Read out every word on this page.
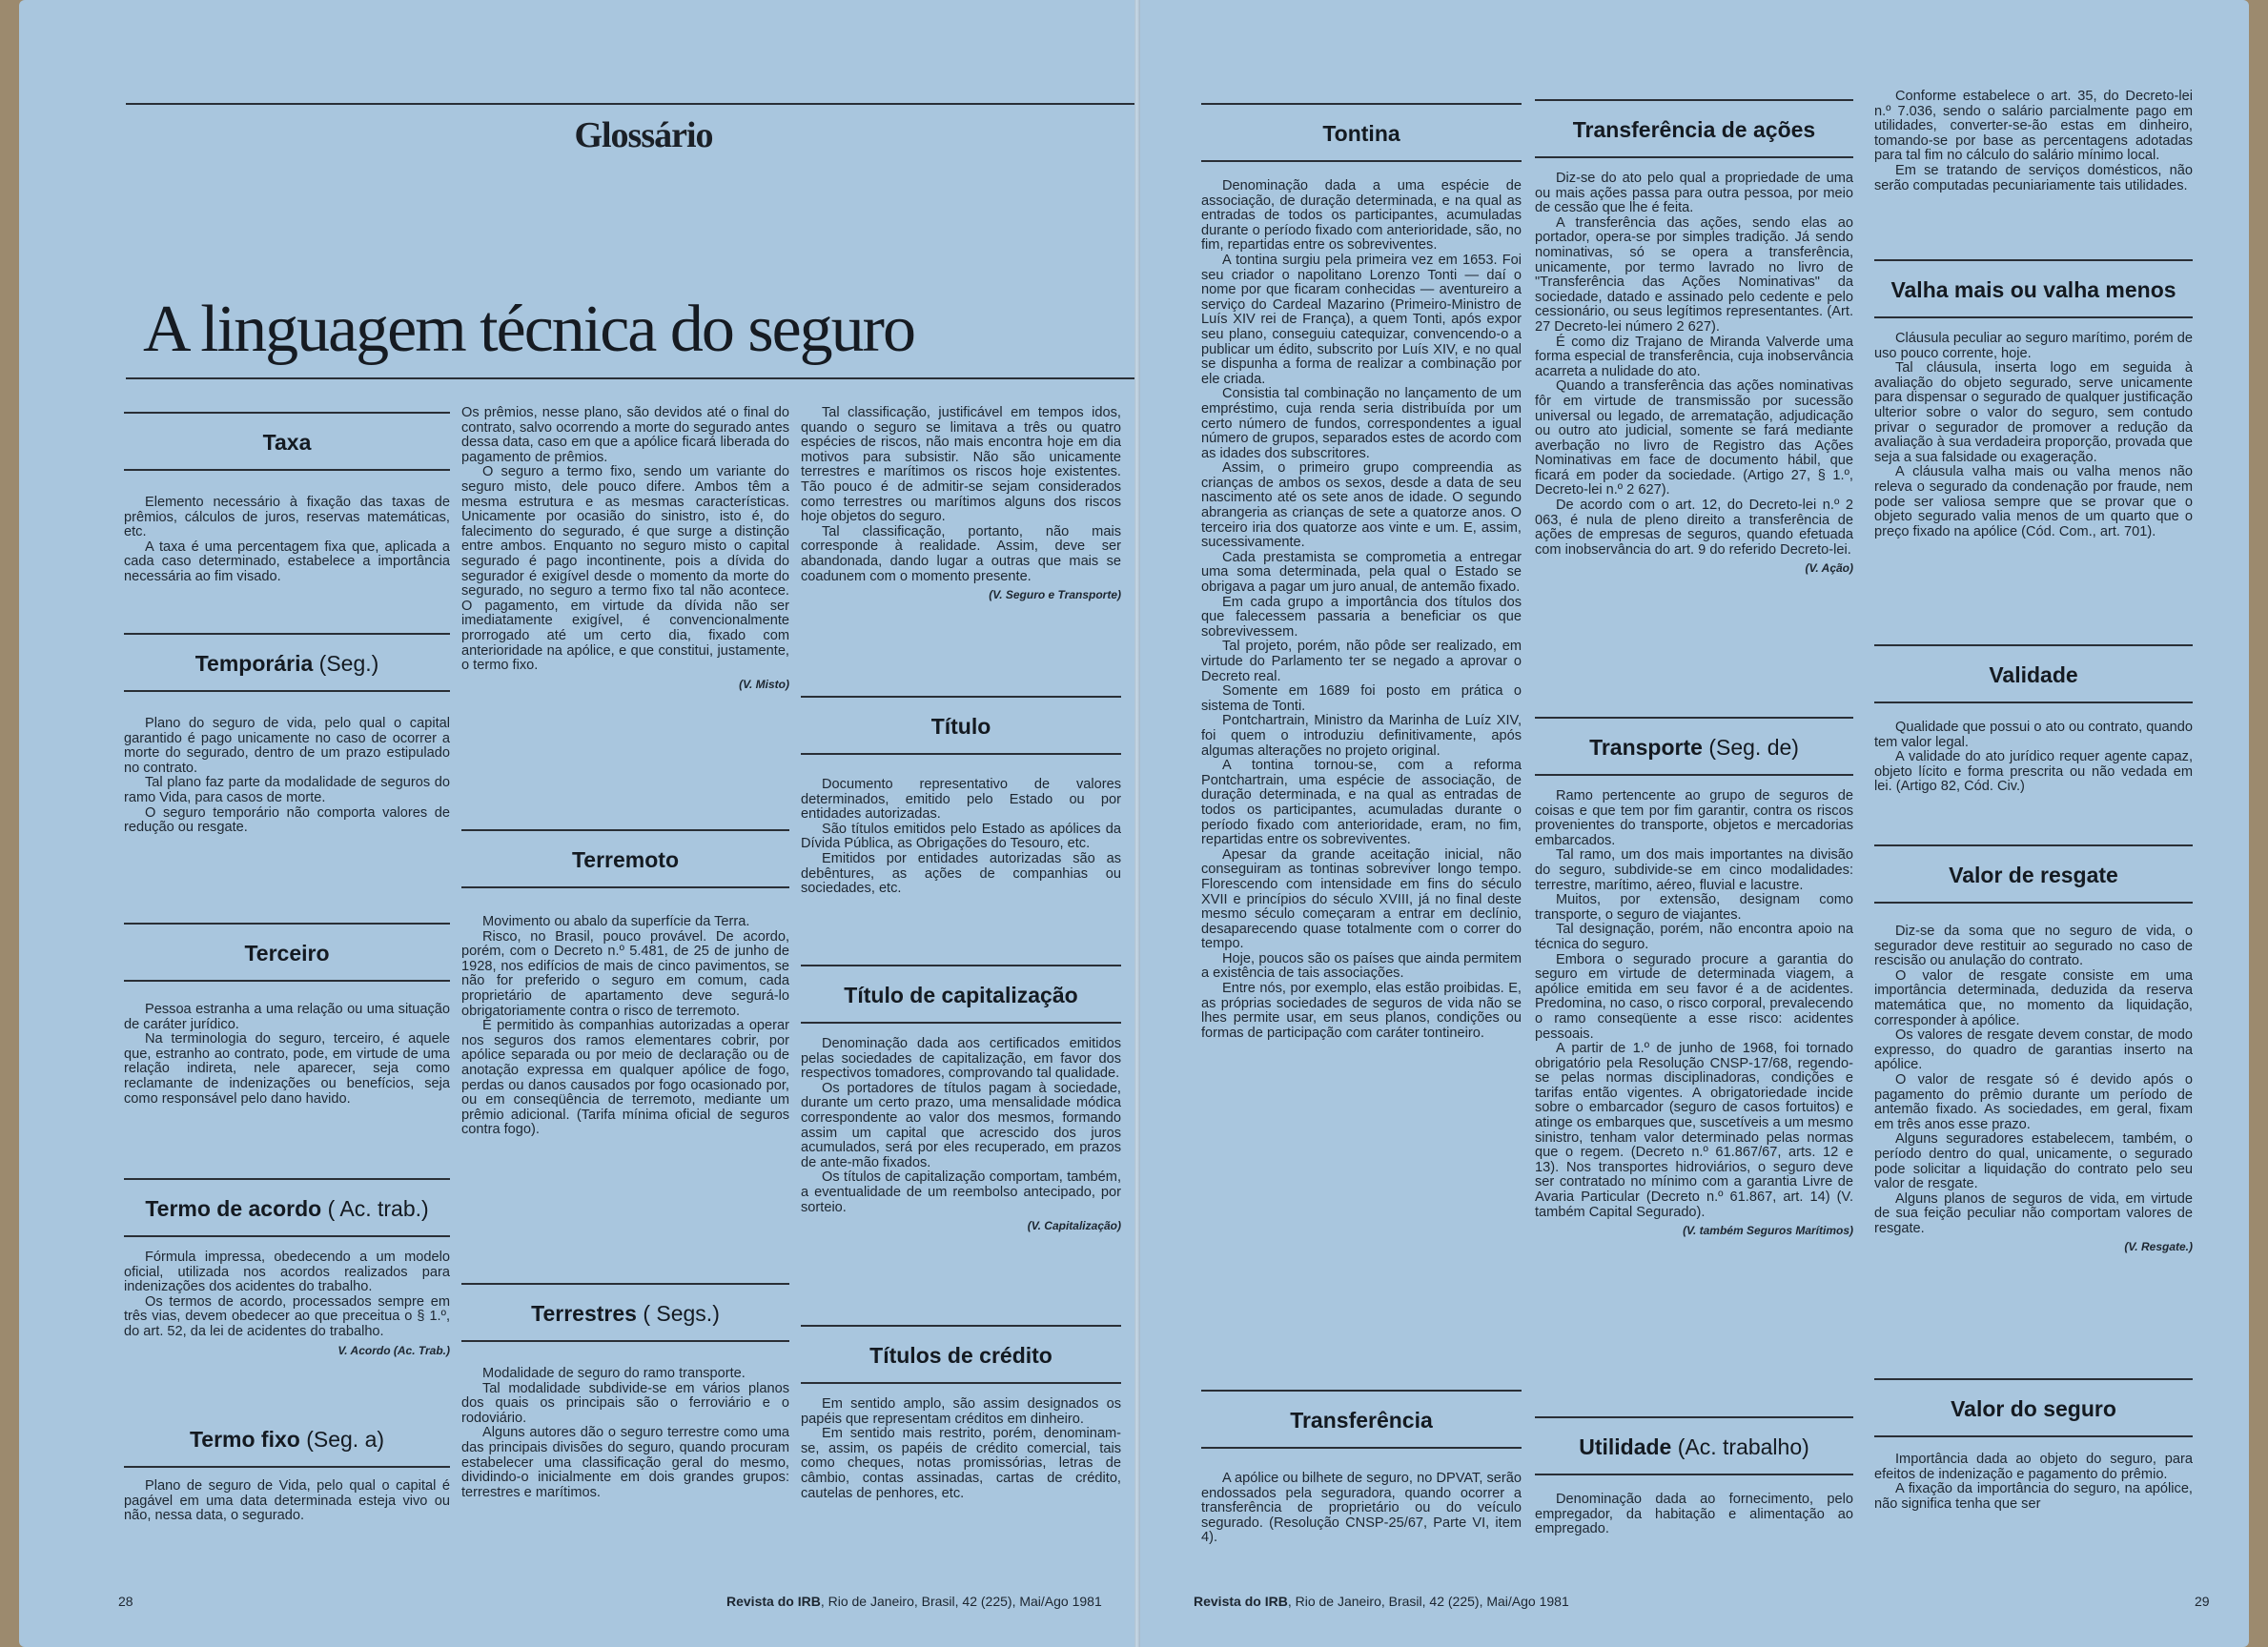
Glossário
A linguagem técnica do seguro
Taxa

Elemento necessário à fixação das taxas de prêmios, cálculos de juros, reservas matemáticas, etc.

A taxa é uma percentagem fixa que, aplicada a cada caso determinado, estabelece a importância necessária ao fim visado.

Temporária (Seg.)

Plano do seguro de vida, pelo qual o capital garantido é pago unicamente no caso de ocorrer a morte do segurado, dentro de um prazo estipulado no contrato.

Tal plano faz parte da modalidade de seguros do ramo Vida, para casos de morte.

O seguro temporário não comporta valores de redução ou resgate.

Terceiro

Pessoa estranha a uma relação ou uma situação de caráter jurídico.

Na terminologia do seguro, terceiro, é aquele que, estranho ao contrato, pode, em virtude de uma relação indireta, nele aparecer, seja como reclamante de indenizações ou benefícios, seja como responsável pelo dano havido.

Termo de acordo ( Ac. trab.)

Fórmula impressa, obedecendo a um modelo oficial, utilizada nos acordos realizados para indenizações dos acidentes do trabalho.

Os termos de acordo, processados sempre em três vias, devem obedecer ao que preceitua o § 1.º, do art. 52, da lei de acidentes do trabalho.

V. Acordo (Ac. Trab.)
Termo fixo (Seg. a)

Plano de seguro de Vida, pelo qual o capital é pagável em uma data determinada esteja vivo ou não, nessa data, o segurado.

Os prêmios, nesse plano, são devidos até o final do contrato, salvo ocorrendo a morte do segurado antes dessa data, caso em que a apólice ficará liberada do pagamento de prêmios.

O seguro a termo fixo, sendo um variante do seguro misto, dele pouco difere. Ambos têm a mesma estrutura e as mesmas características. Unicamente por ocasião do sinistro, isto é, do falecimento do segurado, é que surge a distinção entre ambos. Enquanto no seguro misto o capital segurado é pago incontinente, pois a dívida do segurador é exigível desde o momento da morte do segurado, no seguro a termo fixo tal não acontece. O pagamento, em virtude da dívida não ser imediatamente exigível, é convencionalmente prorrogado até um certo dia, fixado com anterioridade na apólice, e que constitui, justamente, o termo fixo.

(V. Misto)
Terremoto

Movimento ou abalo da superfície da Terra.

Risco, no Brasil, pouco provável. De acordo, porém, com o Decreto n.º 5.481, de 25 de junho de 1928, nos edifícios de mais de cinco pavimentos, se não for preferido o seguro em comum, cada proprietário de apartamento deve segurá-lo obrigatoriamente contra o risco de terremoto.

É permitido às companhias autorizadas a operar nos seguros dos ramos elementares cobrir, por apólice separada ou por meio de declaração ou de anotação expressa em qualquer apólice de fogo, perdas ou danos causados por fogo ocasionado por, ou em conseqüência de terremoto, mediante um prêmio adicional. (Tarifa mínima oficial de seguros contra fogo).

Terrestres ( Segs.)

Modalidade de seguro do ramo transporte.

Tal modalidade subdivide-se em vários planos dos quais os principais são o ferroviário e o rodoviário.

Alguns autores dão o seguro terrestre como uma das principais divisões do seguro, quando procuram estabelecer uma classificação geral do mesmo, dividindo-o inicialmente em dois grandes grupos: terrestres e marítimos.

Tal classificação, justificável em tempos idos, quando o seguro se limitava a três ou quatro espécies de riscos, não mais encontra hoje em dia motivos para subsistir. Não são unicamente terrestres e marítimos os riscos hoje existentes. Tão pouco é de admitir-se sejam considerados como terrestres ou marítimos alguns dos riscos hoje objetos do seguro.

Tal classificação, portanto, não mais corresponde à realidade. Assim, deve ser abandonada, dando lugar a outras que mais se coadunem com o momento presente.

(V. Seguro e Transporte)
Título

Documento representativo de valores determinados, emitido pelo Estado ou por entidades autorizadas.

São títulos emitidos pelo Estado as apólices da Dívida Pública, as Obrigações do Tesouro, etc.

Emitidos por entidades autorizadas são as debêntures, as ações de companhias ou sociedades, etc.

Título de capitalização

Denominação dada aos certificados emitidos pelas sociedades de capitalização, em favor dos respectivos tomadores, comprovando tal qualidade.

Os portadores de títulos pagam à sociedade, durante um certo prazo, uma mensalidade módica correspondente ao valor dos mesmos, formando assim um capital que acrescido dos juros acumulados, será por eles recuperado, em prazos de ante-mão fixados.

Os títulos de capitalização comportam, também, a eventualidade de um reembolso antecipado, por sorteio.

(V. Capitalização)
Títulos de crédito

Em sentido amplo, são assim designados os papéis que representam créditos em dinheiro.

Em sentido mais restrito, porém, denominam-se, assim, os papéis de crédito comercial, tais como cheques, notas promissórias, letras de câmbio, contas assinadas, cartas de crédito, cautelas de penhores, etc.

28	Revista do IRB, Rio de Janeiro, Brasil, 42 (225), Mai/Ago 1981
Tontina

Denominação dada a uma espécie de associação, de duração determinada, e na qual as entradas de todos os participantes, acumuladas durante o período fixado com anterioridade, são, no fim, repartidas entre os sobreviventes.

A tontina surgiu pela primeira vez em 1653. Foi seu criador o napolitano Lorenzo Tonti — daí o nome por que ficaram conhecidas — aventureiro a serviço do Cardeal Mazarino (Primeiro-Ministro de Luís XIV rei de França), a quem Tonti, após expor seu plano, conseguiu catequizar, convencendo-o a publicar um édito, subscrito por Luís XIV, e no qual se dispunha a forma de realizar a combinação por ele criada.

Consistia tal combinação no lançamento de um empréstimo, cuja renda seria distribuída por um certo número de fundos, correspondentes a igual número de grupos, separados estes de acordo com as idades dos subscritores.

Assim, o primeiro grupo compreendia as crianças de ambos os sexos, desde a data de seu nascimento até os sete anos de idade. O segundo abrangeria as crianças de sete a quatorze anos. O terceiro iria dos quatorze aos vinte e um. E, assim, sucessivamente.

Cada prestamista se comprometia a entregar uma soma determinada, pela qual o Estado se obrigava a pagar um juro anual, de antemão fixado.

Em cada grupo a importância dos títulos dos que falecessem passaria a beneficiar os que sobrevivessem.

Tal projeto, porém, não pôde ser realizado, em virtude do Parlamento ter se negado a aprovar o Decreto real.

Somente em 1689 foi posto em prática o sistema de Tonti.

Pontchartrain, Ministro da Marinha de Luíz XIV, foi quem o introduziu definitivamente, após algumas alterações no projeto original.

A tontina tornou-se, com a reforma Pontchartrain, uma espécie de associação, de duração determinada, e na qual as entradas de todos os participantes, acumuladas durante o período fixado com anterioridade, eram, no fim, repartidas entre os sobreviventes.

Apesar da grande aceitação inicial, não conseguiram as tontinas sobreviver longo tempo. Florescendo com intensidade em fins do século XVII e princípios do século XVIII, já no final deste mesmo século começaram a entrar em declínio, desaparecendo quase totalmente com o correr do tempo.

Hoje, poucos são os países que ainda permitem a existência de tais associações.

Entre nós, por exemplo, elas estão proibidas. E, as próprias sociedades de seguros de vida não se lhes permite usar, em seus planos, condições ou formas de participação com caráter tontineiro.

Transferência

A apólice ou bilhete de seguro, no DPVAT, serão endossados pela seguradora, quando ocorrer a transferência de proprietário ou do veículo segurado. (Resolução CNSP-25/67, Parte VI, item 4).

Transferência de ações

Diz-se do ato pelo qual a propriedade de uma ou mais ações passa para outra pessoa, por meio de cessão que lhe é feita.

A transferência das ações, sendo elas ao portador, opera-se por simples tradição. Já sendo nominativas, só se opera a transferência, unicamente, por termo lavrado no livro de "Transferência das Ações Nominativas" da sociedade, datado e assinado pelo cedente e pelo cessionário, ou seus legítimos representantes. (Art. 27 Decreto-lei número 2 627).

É como diz Trajano de Miranda Valverde uma forma especial de transferência, cuja inobservância acarreta a nulidade do ato.

Quando a transferência das ações nominativas fôr em virtude de transmissão por sucessão universal ou legado, de arrematação, adjudicação ou outro ato judicial, somente se fará mediante averbação no livro de Registro das Ações Nominativas em face de documento hábil, que ficará em poder da sociedade. (Artigo 27, § 1.º, Decreto-lei n.º 2 627).

De acordo com o art. 12, do Decreto-lei n.º 2 063, é nula de pleno direito a transferência de ações de empresas de seguros, quando efetuada com inobservância do art. 9 do referido Decreto-lei.

(V. Ação)
Transporte (Seg. de)

Ramo pertencente ao grupo de seguros de coisas e que tem por fim garantir, contra os riscos provenientes do transporte, objetos e mercadorias embarcados.

Tal ramo, um dos mais importantes na divisão do seguro, subdivide-se em cinco modalidades: terrestre, marítimo, aéreo, fluvial e lacustre.

Muitos, por extensão, designam como transporte, o seguro de viajantes.

Tal designação, porém, não encontra apoio na técnica do seguro.

Embora o segurado procure a garantia do seguro em virtude de determinada viagem, a apólice emitida em seu favor é a de acidentes. Predomina, no caso, o risco corporal, prevalecendo o ramo conseqüente a esse risco: acidentes pessoais.

A partir de 1.º de junho de 1968, foi tornado obrigatório pela Resolução CNSP-17/68, regendo-se pelas normas disciplinadoras, condições e tarifas então vigentes. A obrigatoriedade incide sobre o embarcador (seguro de casos fortuitos) e atinge os embarques que, suscetíveis a um mesmo sinistro, tenham valor determinado pelas normas que o regem. (Decreto n.º 61.867/67, arts. 12 e 13). Nos transportes hidroviários, o seguro deve ser contratado no mínimo com a garantia Livre de Avaria Particular (Decreto n.º 61.867, art. 14) (V. também Capital Segurado).

(V. também Seguros Marítimos)
Utilidade (Ac. trabalho)

Denominação dada ao fornecimento, pelo empregador, da habitação e alimentação ao empregado.

Conforme estabelece o art. 35, do Decreto-lei n.º 7.036, sendo o salário parcialmente pago em utilidades, converter-se-ão estas em dinheiro, tomando-se por base as percentagens adotadas para tal fim no cálculo do salário mínimo local.

Em se tratando de serviços domésticos, não serão computadas pecuniariamente tais utilidades.

Valha mais ou valha menos

Cláusula peculiar ao seguro marítimo, porém de uso pouco corrente, hoje.

Tal cláusula, inserta logo em seguida à avaliação do objeto segurado, serve unicamente para dispensar o segurado de qualquer justificação ulterior sobre o valor do seguro, sem contudo privar o segurador de promover a redução da avaliação à sua verdadeira proporção, provada que seja a sua falsidade ou exageração.

A cláusula valha mais ou valha menos não releva o segurado da condenação por fraude, nem pode ser valiosa sempre que se provar que o objeto segurado valia menos de um quarto que o preço fixado na apólice (Cód. Com., art. 701).

Validade

Qualidade que possui o ato ou contrato, quando tem valor legal.

A validade do ato jurídico requer agente capaz, objeto lícito e forma prescrita ou não vedada em lei. (Artigo 82, Cód. Civ.)

Valor de resgate

Diz-se da soma que no seguro de vida, o segurador deve restituir ao segurado no caso de rescisão ou anulação do contrato.

O valor de resgate consiste em uma importância determinada, deduzida da reserva matemática que, no momento da liquidação, corresponder à apólice.

Os valores de resgate devem constar, de modo expresso, do quadro de garantias inserto na apólice.

O valor de resgate só é devido após o pagamento do prêmio durante um período de antemão fixado. As sociedades, em geral, fixam em três anos esse prazo.

Alguns seguradores estabelecem, também, o período dentro do qual, unicamente, o segurado pode solicitar a liquidação do contrato pelo seu valor de resgate.

Alguns planos de seguros de vida, em virtude de sua feição peculiar não comportam valores de resgate.

(V. Resgate.)
Valor do seguro

Importância dada ao objeto do seguro, para efeitos de indenização e pagamento do prêmio.

A fixação da importância do seguro, na apólice, não significa tenha que ser

Revista do IRB, Rio de Janeiro, Brasil, 42 (225), Mai/Ago 1981	29
